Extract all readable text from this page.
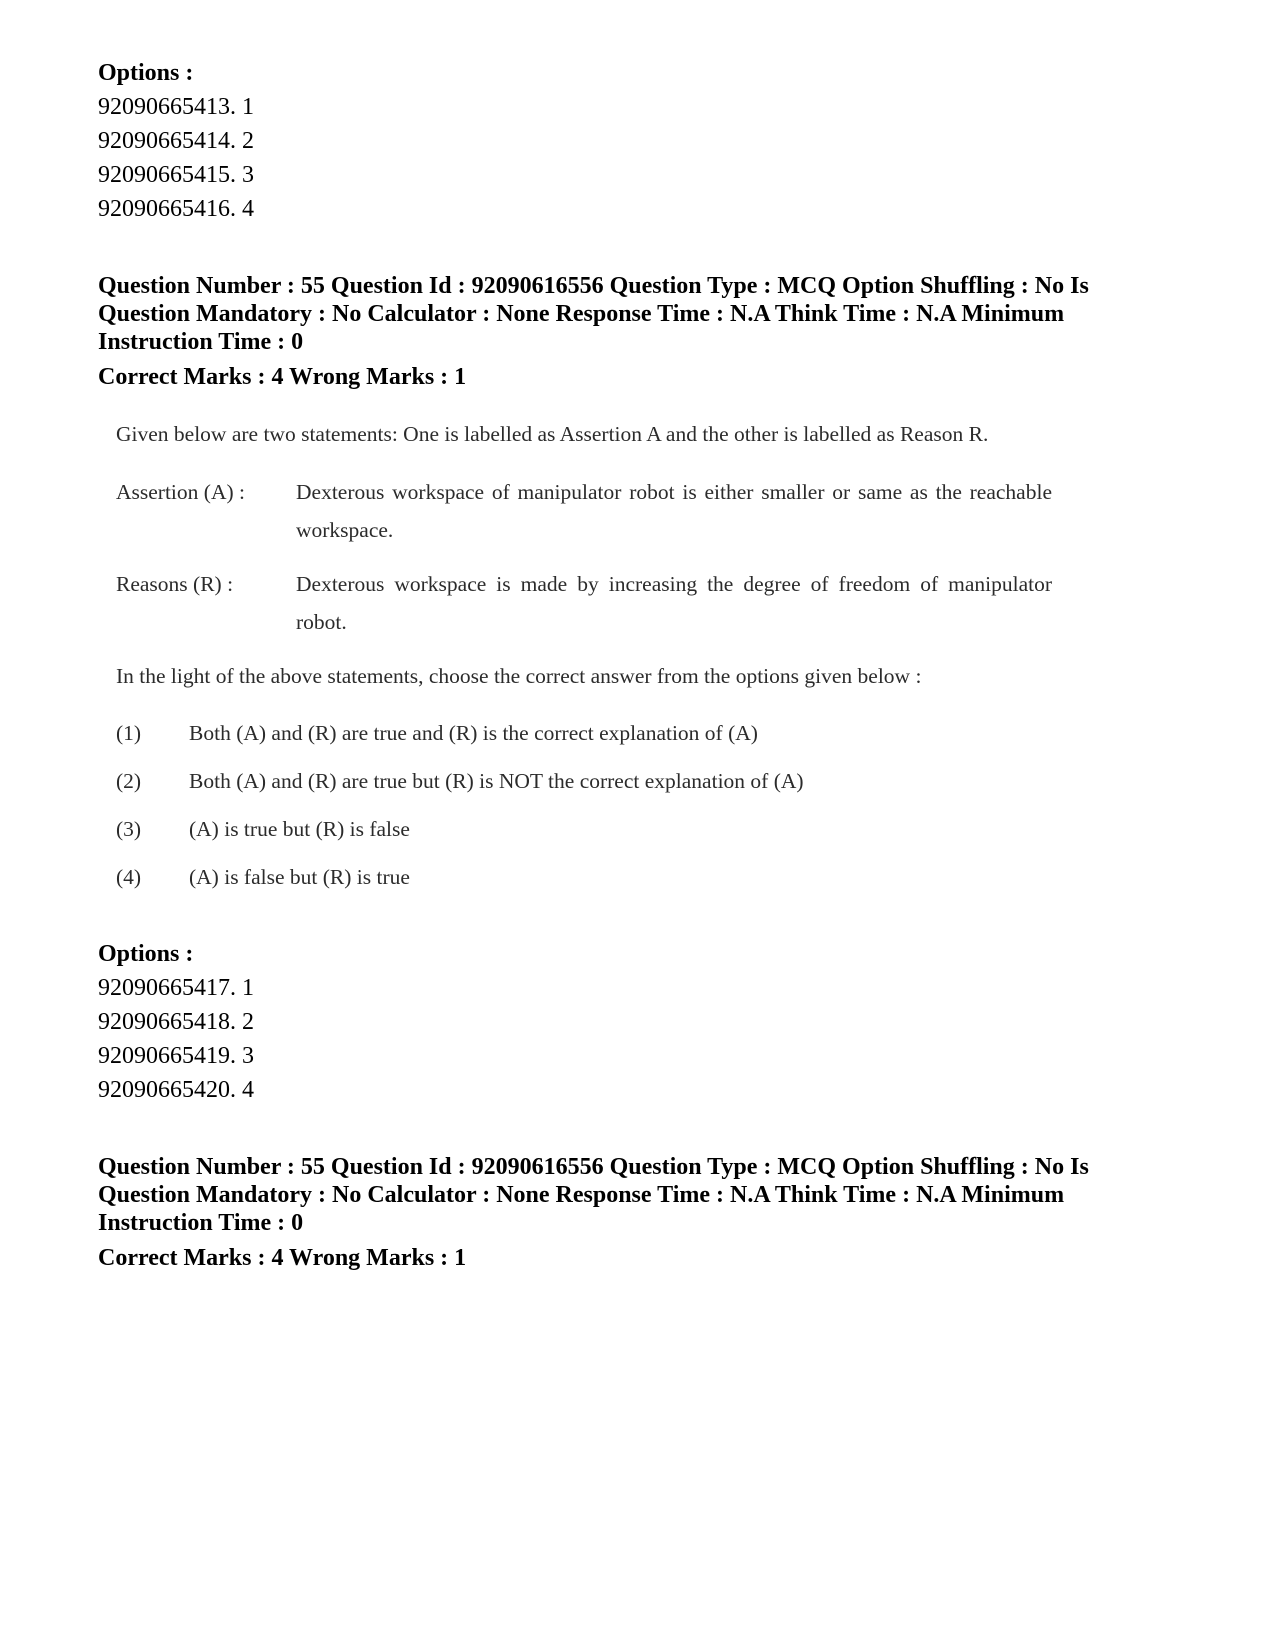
Options :
92090665413. 1
92090665414. 2
92090665415. 3
92090665416. 4
Question Number : 55 Question Id : 92090616556 Question Type : MCQ Option Shuffling : No Is
Question Mandatory : No Calculator : None Response Time : N.A Think Time : N.A Minimum
Instruction Time : 0
Correct Marks : 4 Wrong Marks : 1
Given below are two statements: One is labelled as Assertion A and the other is labelled as Reason R.
Assertion (A) :	Dexterous workspace of manipulator robot is either smaller or same as the reachable workspace.
Reasons (R) :	Dexterous workspace is made by increasing the degree of freedom of manipulator robot.
In the light of the above statements, choose the correct answer from the options given below :
(1)	Both (A) and (R) are true and (R) is the correct explanation of (A)
(2)	Both (A) and (R) are true but (R) is NOT the correct explanation of (A)
(3)	(A) is true but (R) is false
(4)	(A) is false but (R) is true
Options :
92090665417. 1
92090665418. 2
92090665419. 3
92090665420. 4
Question Number : 55 Question Id : 92090616556 Question Type : MCQ Option Shuffling : No Is
Question Mandatory : No Calculator : None Response Time : N.A Think Time : N.A Minimum
Instruction Time : 0
Correct Marks : 4 Wrong Marks : 1
